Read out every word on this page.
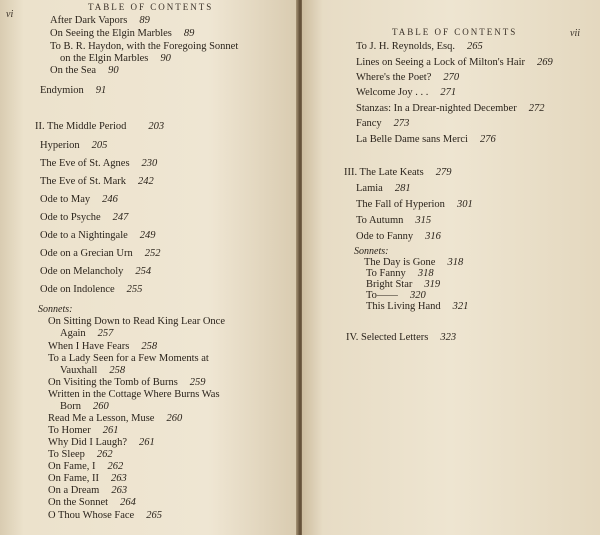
TABLE OF CONTENTS
vi
After Dark Vapors 89
On Seeing the Elgin Marbles 89
To B. R. Haydon, with the Foregoing Sonnet
on the Elgin Marbles 90
On the Sea 90
Endymion 91
II. The Middle Period 203
Hyperion 205
The Eve of St. Agnes 230
The Eve of St. Mark 242
Ode to May 246
Ode to Psyche 247
Ode to a Nightingale 249
Ode on a Grecian Urn 252
Ode on Melancholy 254
Ode on Indolence 255
Sonnets:
On Sitting Down to Read King Lear Once
Again 257
When I Have Fears 258
To a Lady Seen for a Few Moments at
Vauxhall 258
On Visiting the Tomb of Burns 259
Written in the Cottage Where Burns Was
Born 260
Read Me a Lesson, Muse 260
To Homer 261
Why Did I Laugh? 261
To Sleep 262
On Fame, I 262
On Fame, II 263
On a Dream 263
On the Sonnet 264
O Thou Whose Face 265
TABLE OF CONTENTS	vii
To J. H. Reynolds, Esq. 265
Lines on Seeing a Lock of Milton's Hair 269
Where's the Poet? 270
Welcome Joy . . . 271
Stanzas: In a Drear-nighted December 272
Fancy 273
La Belle Dame sans Merci 276
III. The Late Keats 279
Lamia 281
The Fall of Hyperion 301
To Autumn 315
Ode to Fanny 316
Sonnets:
The Day is Gone 318
To Fanny 318
Bright Star 319
To—— 320
This Living Hand 321
IV. Selected Letters 323
